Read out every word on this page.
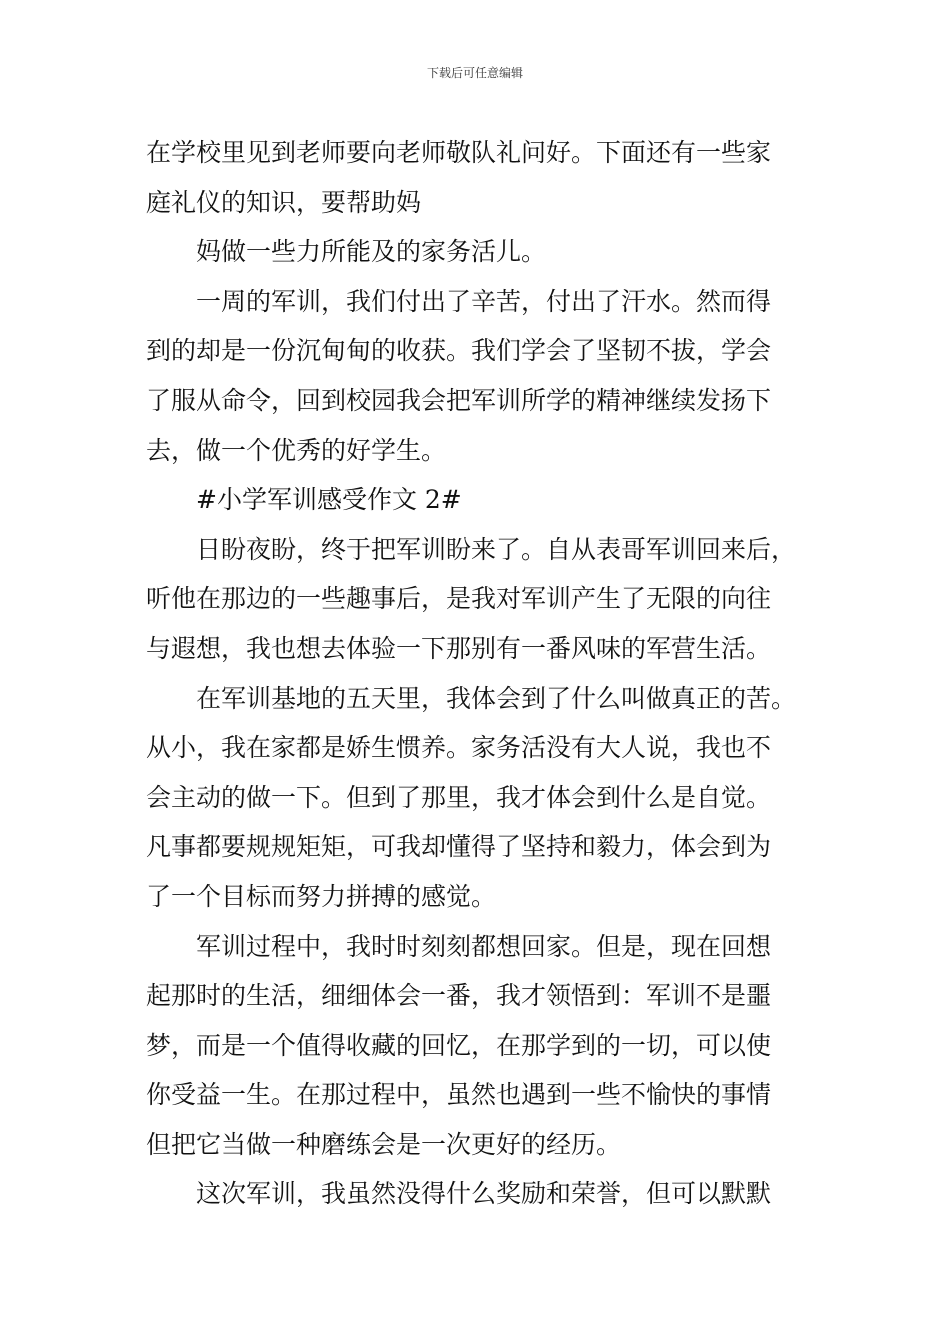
下载后可任意编辑

在学校里见到老师要向老师敬队礼问好。下面还有一些家

庭礼仪的知识，要帮助妈

妈做一些力所能及的家务活儿。

一周的军训，我们付出了辛苦，付出了汗水。然而得

到的却是一份沉甸甸的收获。我们学会了坚韧不拔，学会

了服从命令，回到校园我会把军训所学的精神继续发扬下

去，做一个优秀的好学生。

#小学军训感受作文 2#

日盼夜盼，终于把军训盼来了。自从表哥军训回来后，

听他在那边的一些趣事后，是我对军训产生了无限的向往

与遐想，我也想去体验一下那别有一番风味的军营生活。

在军训基地的五天里，我体会到了什么叫做真正的苦。

从小，我在家都是娇生惯养。家务活没有大人说，我也不

会主动的做一下。但到了那里，我才体会到什么是自觉。

凡事都要规规矩矩，可我却懂得了坚持和毅力，体会到为

了一个目标而努力拼搏的感觉。

军训过程中，我时时刻刻都想回家。但是，现在回想

起那时的生活，细细体会一番，我才领悟到：军训不是噩

梦，而是一个值得收藏的回忆，在那学到的一切，可以使

你受益一生。在那过程中，虽然也遇到一些不愉快的事情

但把它当做一种磨练会是一次更好的经历。

这次军训，我虽然没得什么奖励和荣誉，但可以默默
